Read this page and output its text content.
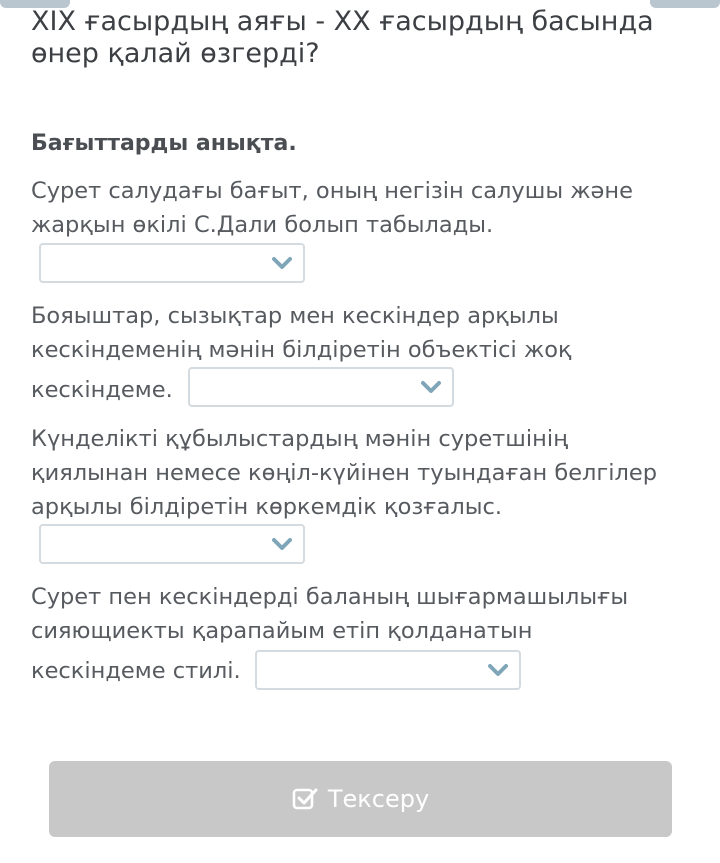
XIX ғасырдың аяғы - XX ғасырдың басында өнер қалай өзгерді?

Бағыттарды анықта.

Сурет салудағы бағыт, оның негізін салушы және
жарқын өкілі С.Дали болып табылады.

Бояыштар, сызықтар мен кескіндер арқылы
кескіндеменің мәнін білдіретін объектісі жоқ
кескіндеме.

Күнделікті құбылыстардың мәнін суретшінің
қиялынан немесе көңіл-күйінен туындаған белгілер
арқылы білдіретін көркемдік қозғалыс.

Сурет пен кескіндерді баланың шығармашылығы
сияющиекты қарапайым етіп қолданатын
кескіндеме стилі.

Тексеру
